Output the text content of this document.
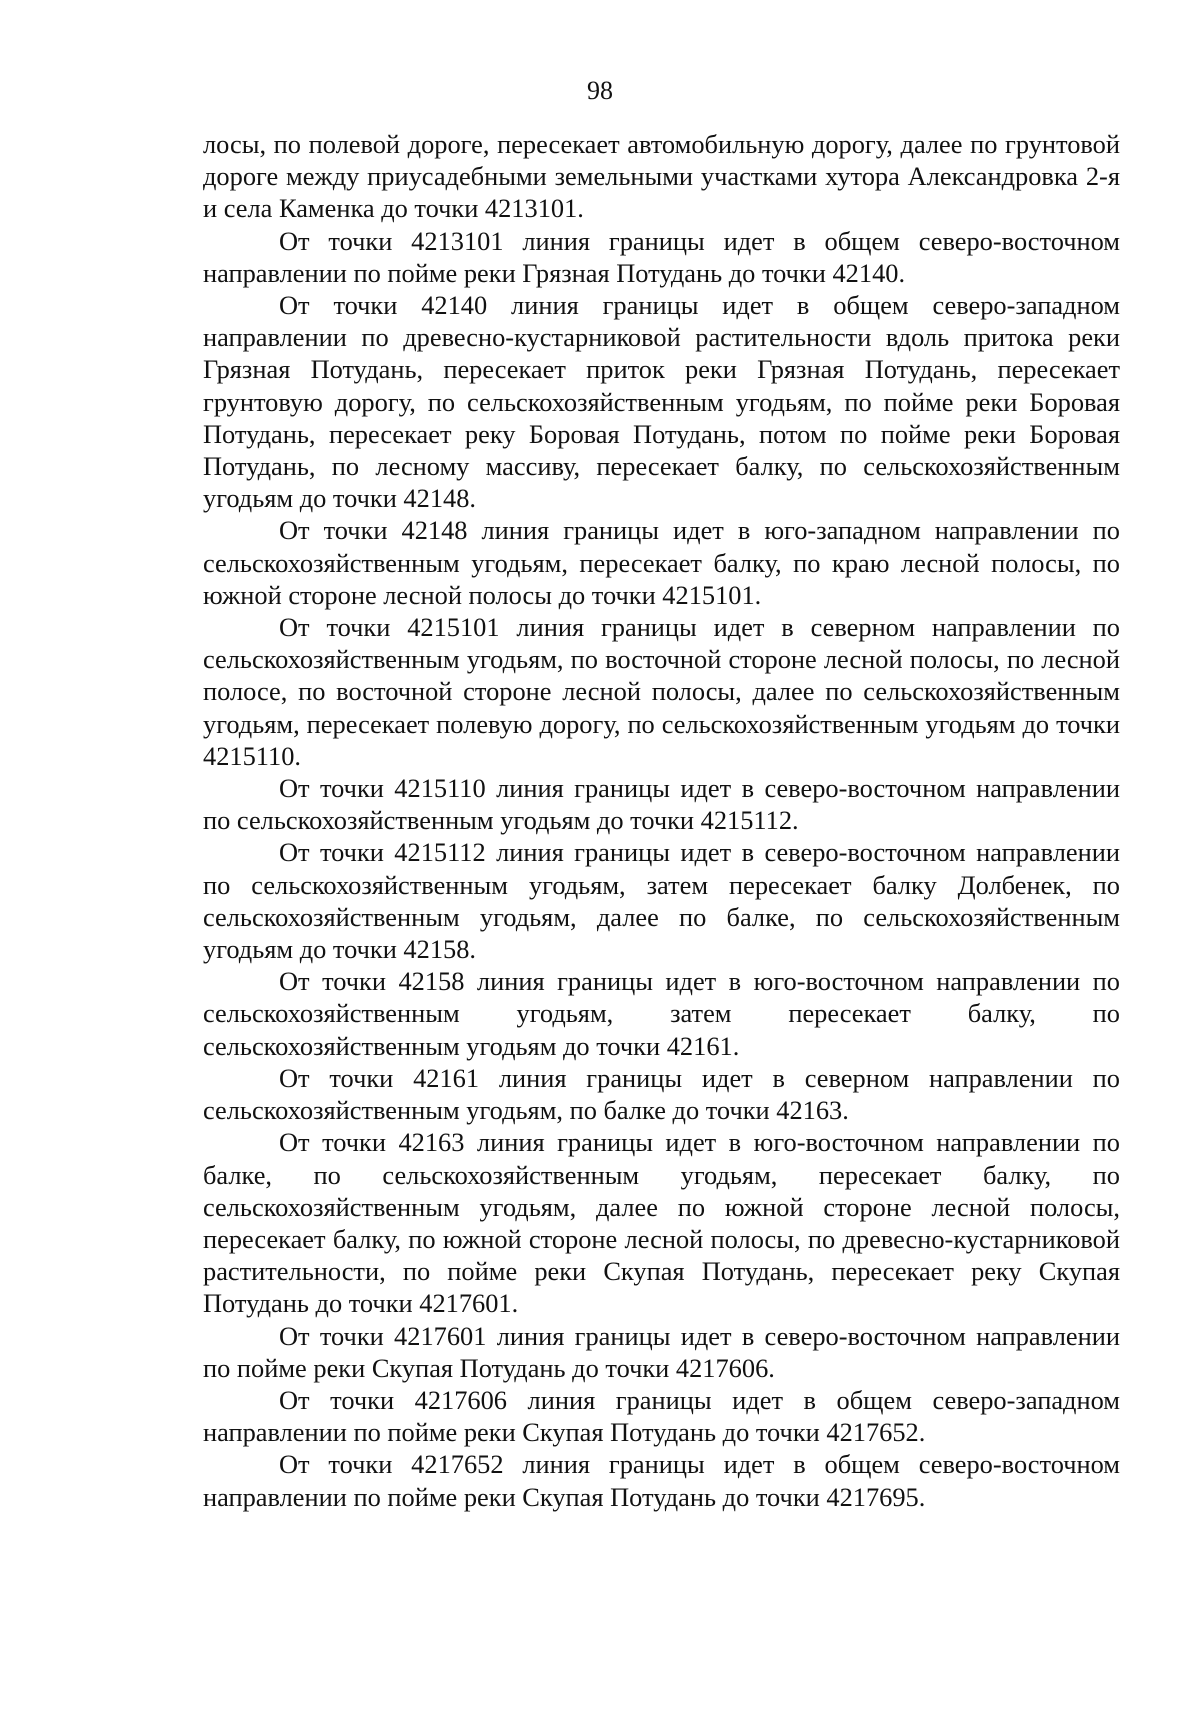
98

лосы, по полевой дороге, пересекает автомобильную дорогу, далее по грунтовой дороге между приусадебными земельными участками хутора Александровка 2-я и села Каменка до точки 4213101.

От точки 4213101 линия границы идет в общем северо-восточном направлении по пойме реки Грязная Потудань до точки 42140.

От точки 42140 линия границы идет в общем северо-западном направлении по древесно-кустарниковой растительности вдоль притока реки Грязная Потудань, пересекает приток реки Грязная Потудань, пересекает грунтовую дорогу, по сельскохозяйственным угодьям, по пойме реки Боровая Потудань, пересекает реку Боровая Потудань, потом по пойме реки Боровая Потудань, по лесному массиву, пересекает балку, по сельскохозяйственным угодьям до точки 42148.

От точки 42148 линия границы идет в юго-западном направлении по сельскохозяйственным угодьям, пересекает балку, по краю лесной полосы, по южной стороне лесной полосы до точки 4215101.

От точки 4215101 линия границы идет в северном направлении по сельскохозяйственным угодьям, по восточной стороне лесной полосы, по лесной полосе, по восточной стороне лесной полосы, далее по сельскохозяйственным угодьям, пересекает полевую дорогу, по сельскохозяйственным угодьям до точки 4215110.

От точки 4215110 линия границы идет в северо-восточном направлении по сельскохозяйственным угодьям до точки 4215112.

От точки 4215112 линия границы идет в северо-восточном направлении по сельскохозяйственным угодьям, затем пересекает балку Долбенек, по сельскохозяйственным угодьям, далее по балке, по сельскохозяйственным угодьям до точки 42158.

От точки 42158 линия границы идет в юго-восточном направлении по сельскохозяйственным угодьям, затем пересекает балку, по сельскохозяйственным угодьям до точки 42161.

От точки 42161 линия границы идет в северном направлении по сельскохозяйственным угодьям, по балке до точки 42163.

От точки 42163 линия границы идет в юго-восточном направлении по балке, по сельскохозяйственным угодьям, пересекает балку, по сельскохозяйственным угодьям, далее по южной стороне лесной полосы, пересекает балку, по южной стороне лесной полосы, по древесно-кустарниковой растительности, по пойме реки Скупая Потудань, пересекает реку Скупая Потудань до точки 4217601.

От точки 4217601 линия границы идет в северо-восточном направлении по пойме реки Скупая Потудань до точки 4217606.

От точки 4217606 линия границы идет в общем северо-западном направлении по пойме реки Скупая Потудань до точки 4217652.

От точки 4217652 линия границы идет в общем северо-восточном направлении по пойме реки Скупая Потудань до точки 4217695.
